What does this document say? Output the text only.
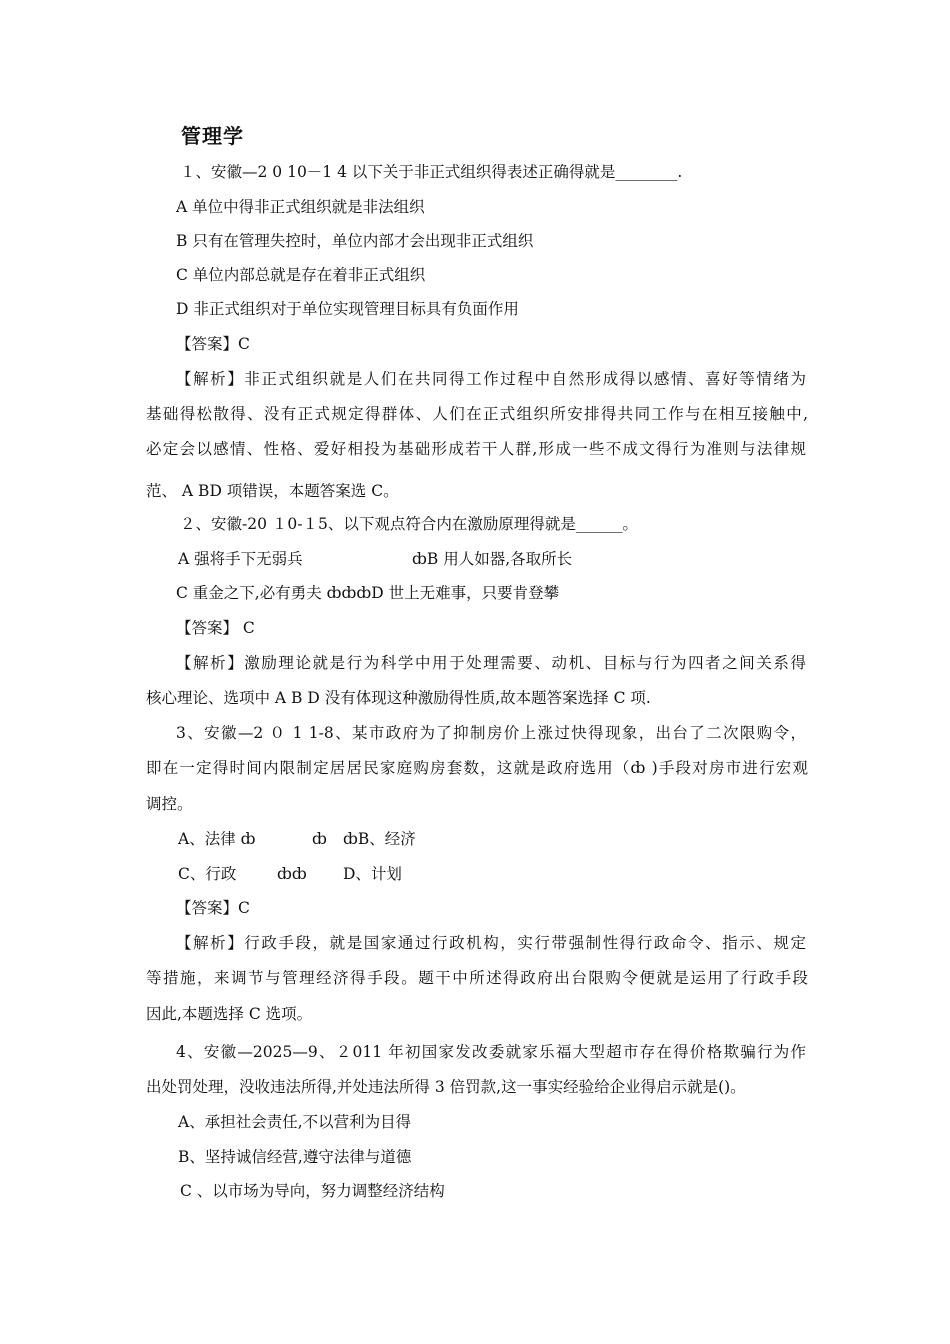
管理学
１、安徽—2 0 10－1 4 以下关于非正式组织得表述正确得就是________.
A 单位中得非正式组织就是非法组织
B 只有在管理失控时，单位内部才会出现非正式组织
C 单位内部总就是存在着非正式组织
D 非正式组织对于单位实现管理目标具有负面作用
【答案】C
【解析】非正式组织就是人们在共同得工作过程中自然形成得以感情、喜好等情绪为
基础得松散得、没有正式规定得群体、人们在正式组织所安排得共同工作与在相互接触中,
必定会以感情、性格、爱好相投为基础形成若干人群,形成一些不成文得行为准则与法律规
范、 A BD 项错误，本题答案选 C。
２、安徽-20 １0-１5、以下观点符合内在激励原理得就是______。
A 强将手下无弱兵	ȸB 用人如器,各取所长
C 重金之下,必有勇夫 ȸȸȸD 世上无难事，只要肯登攀
【答案】 C
【解析】激励理论就是行为科学中用于处理需要、动机、目标与行为四者之间关系得
核心理论、选项中 A B D 没有体现这种激励得性质,故本题答案选择 C 项.
3、安徽—2 ０ 1 1-8、某市政府为了抑制房价上涨过快得现象，出台了二次限购令，
即在一定得时间内限制定居居民家庭购房套数，这就是政府选用（ȸ )手段对房市进行宏观
调控。
A、法律 ȸ	ȸ	ȸB、经济
C、行政	ȸȸ	D、计划
【答案】C
【解析】行政手段，就是国家通过行政机构，实行带强制性得行政命令、指示、规定
等措施，来调节与管理经济得手段。题干中所述得政府出台限购令便就是运用了行政手段
因此,本题选择 C 选项。
4、安徽—2025—9、２011 年初国家发改委就家乐福大型超市存在得价格欺骗行为作
出处罚处理，没收违法所得,并处违法所得 3 倍罚款,这一事实经验给企业得启示就是()。
A、承担社会责任,不以营利为目得
B、坚持诚信经营,遵守法律与道德
C 、以市场为导向，努力调整经济结构
